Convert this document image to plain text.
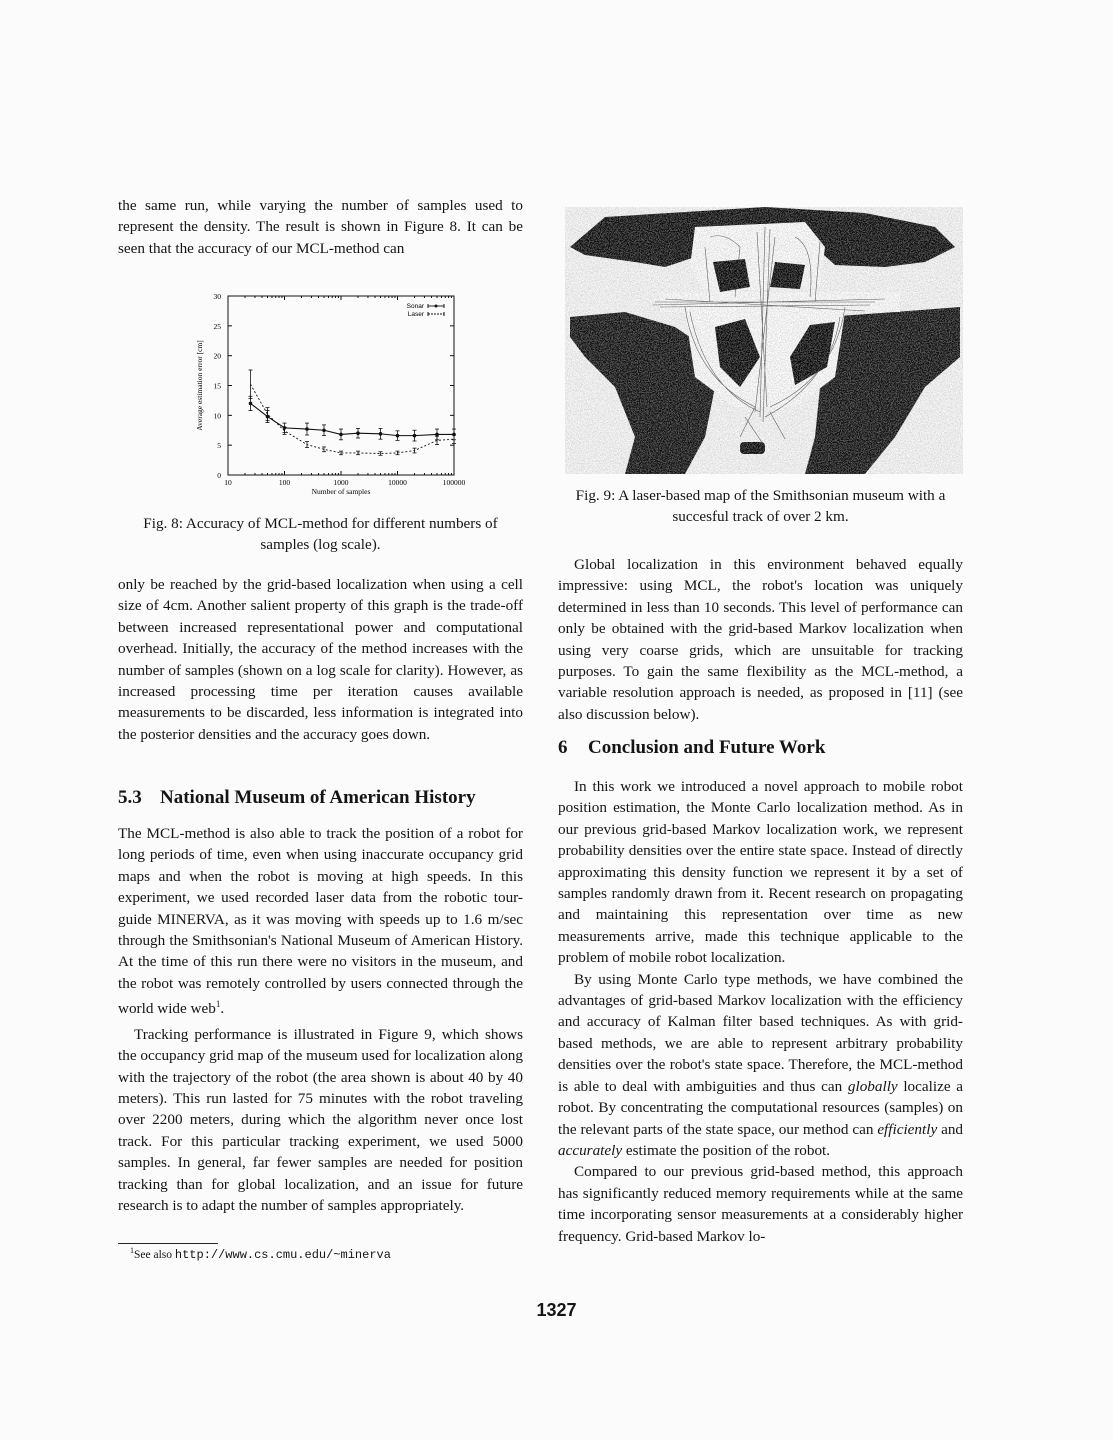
the same run, while varying the number of samples used to represent the density. The result is shown in Figure 8. It can be seen that the accuracy of our MCL-method can

0
5
10
15
20
25
30
10	100	1000	10000	100000
Number of samples
Average estimation error [cm]
Sonar
Laser
Fig. 8: Accuracy of MCL-method for different numbers of samples (log scale).

only be reached by the grid-based localization when using a cell size of 4cm. Another salient property of this graph is the trade-off between increased representational power and computational overhead. Initially, the accuracy of the method increases with the number of samples (shown on a log scale for clarity). However, as increased processing time per iteration causes available measurements to be discarded, less information is integrated into the posterior densities and the accuracy goes down.

5.3 National Museum of American History

The MCL-method is also able to track the position of a robot for long periods of time, even when using inaccurate occupancy grid maps and when the robot is moving at high speeds. In this experiment, we used recorded laser data from the robotic tour-guide MINERVA, as it was moving with speeds up to 1.6 m/sec through the Smithsonian's National Museum of American History. At the time of this run there were no visitors in the museum, and the robot was remotely controlled by users connected through the world wide web$^1$.

Tracking performance is illustrated in Figure 9, which shows the occupancy grid map of the museum used for localization along with the trajectory of the robot (the area shown is about 40 by 40 meters). This run lasted for 75 minutes with the robot traveling over 2200 meters, during which the algorithm never once lost track. For this particular tracking experiment, we used 5000 samples. In general, far fewer samples are needed for position tracking than for global localization, and an issue for future research is to adapt the number of samples appropriately.

$^1$See also http://www.cs.cmu.edu/~minerva
Fig. 9: A laser-based map of the Smithsonian museum with a succesful track of over 2 km.

Global localization in this environment behaved equally impressive: using MCL, the robot's location was uniquely determined in less than 10 seconds. This level of performance can only be obtained with the grid-based Markov localization when using very coarse grids, which are unsuitable for tracking purposes. To gain the same flexibility as the MCL-method, a variable resolution approach is needed, as proposed in [11] (see also discussion below).

6 Conclusion and Future Work

In this work we introduced a novel approach to mobile robot position estimation, the Monte Carlo localization method. As in our previous grid-based Markov localization work, we represent probability densities over the entire state space. Instead of directly approximating this density function we represent it by a set of samples randomly drawn from it. Recent research on propagating and maintaining this representation over time as new measurements arrive, made this technique applicable to the problem of mobile robot localization.

By using Monte Carlo type methods, we have combined the advantages of grid-based Markov localization with the efficiency and accuracy of Kalman filter based techniques. As with grid-based methods, we are able to represent arbitrary probability densities over the robot's state space. Therefore, the MCL-method is able to deal with ambiguities and thus can globally localize a robot. By concentrating the computational resources (samples) on the relevant parts of the state space, our method can efficiently and accurately estimate the position of the robot.

Compared to our previous grid-based method, this approach has significantly reduced memory requirements while at the same time incorporating sensor measurements at a considerably higher frequency. Grid-based Markov lo-

1327
